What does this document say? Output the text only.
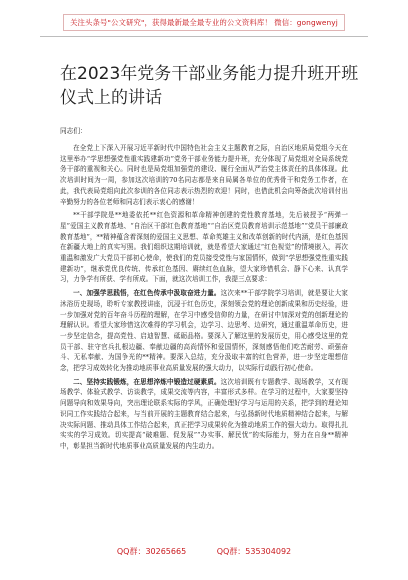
关注头条号"公文研究"，获得最新最全最专业的公文资料库！ 微信：gongwenyj
在2023年党务干部业务能力提升班开班仪式上的讲话
同志们：

在全党上下深入开展习近平新时代中国特色社会主义主题教育之际，自治区地质局党组今天在这里举办“学思想强党性重实践建新功”党务干部业务能力提升班，充分体现了局党组对全局系统党务干部的重视和关心。同时也是局党组加强党的建设、履行全面从严治党主体责任的具体体现。此次培训时间为一周，参加这次培训的70名同志都是来自局属各单位的优秀骨干和党务工作者，在此，我代表局党组向此次参训的各位同志表示热烈的欢迎！同时，也借此机会向筹备此次培训付出辛勤努力的各位老师和同志们表示衷心的感谢！

**干部学院是**地委依托**红色资源和革命精神创建的党性教育基地，先后被授予“两弹一星”爱国主义教育基地、“自治区干部红色教育基地”“自治区党员教育培训示范基地”“党员干部廉政教育基地”，**精神蕴含着深刻的爱国主义思想、革命英雄主义和改革创新的时代内涵，是红色基因在新疆大地上的真实写照。我们组织这期培训就，就是希望大家通过“红色视觉”的情境嵌入，再次重温和激发广大党员干部初心使命，使我们的党员接受党性与家国情怀，做到“学思想强党性重实践建新功”，继承党优良传统、传承红色基因、赓续红色血脉，望大家珍惜机会、静下心来、认真学习，力争学有所获、学有所成。下面，就这次培训工作，我提三点要求：

一、加强学思践悟，在红色传承中汲取奋进力量。这次来**干部学院学习培训，就是要让大家沐浴历史现场，聆听专家教授讲座，沉浸于红色历史，深刻领会党的理论创新成果和历史经验，进一步加强对党的百年奋斗历程的理解，在学习中感受信仰的力量，在研讨中加深对党的创新理论的理解认识。希望大家珍惜这次难得的学习机会，边学习、边思考、边研究，通过重温革命历史，进一步坚定信念，提高党性、启迪智慧、砥砺品格。要深入了解这里的发展历史，用心感受这里的党员干部、驻守官兵扎根边疆、奉献边疆的高尚情怀和爱国情怀，深刻感悟他们吃苦耐劳、顽强奋斗、无私奉献、为国争光的**精神。要深入总结，充分汲取丰富的红色营养，进一步坚定理想信念，把学习成效转化为推动地质事业高质量发展的强大动力，以实际行动践行初心使命。

二、坚持实践锻炼，在思想淬炼中锻造过硬素质。这次培训既有专题教学、现场教学，又有现场教学、体验式教学、访谈教学，成果交流等内容，丰富形式多样。在学习的过程中，大家要坚持问题导向和效果导向，突出理论联系实际的学风，正确处理好学习与运用的关系，把学到的理论知识同工作实践结合起来，与当前开展的主题教育结合起来，与弘扬新时代地质精神结合起来，与解决实际问题、推动具体工作结合起来，真正把学习成果转化为推动地质工作的强大动力。取得扎扎实实的学习成效。切实提高“破难题、促发展”“办实事、解民忧”的实际能力，努力在自身**精神中，彰显担当新时代地质事业高质量发展的内生动力。

QQ群：30265665	QQ群：535304092
